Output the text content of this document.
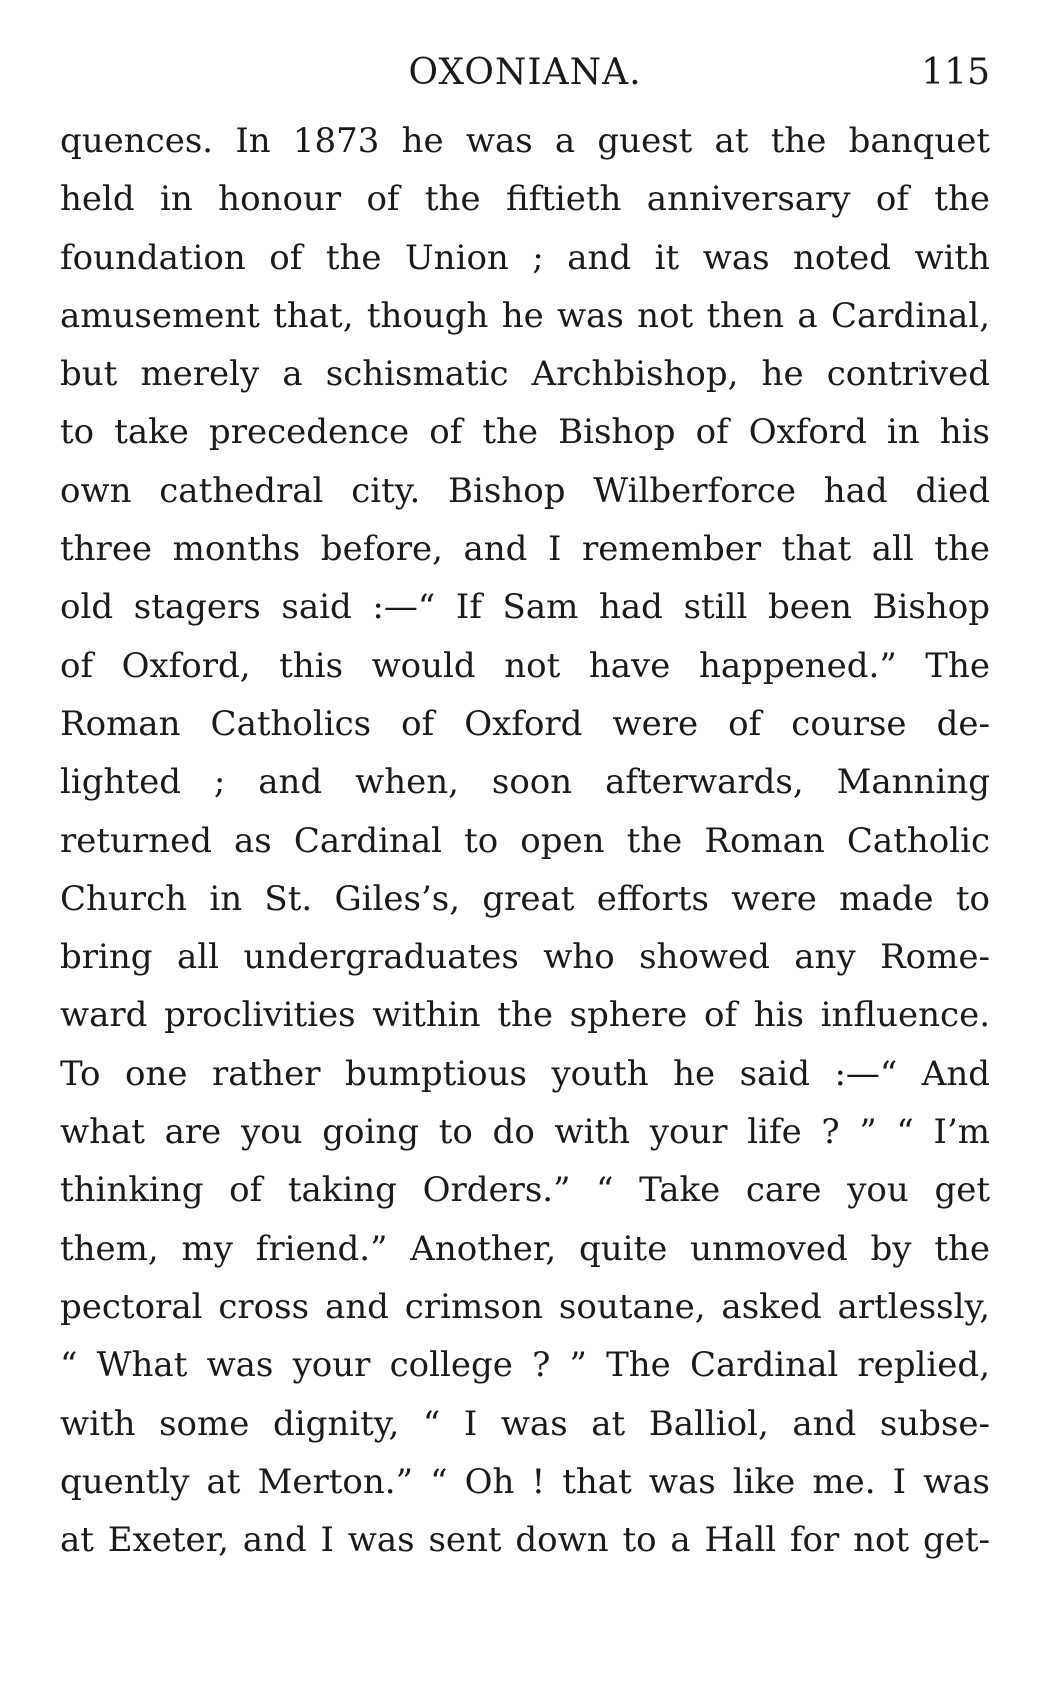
OXONIANA.	115
quences. In 1873 he was a guest at the banquet
held in honour of the fiftieth anniversary of the
foundation of the Union ; and it was noted with
amusement that, though he was not then a Cardinal,
but merely a schismatic Archbishop, he contrived
to take precedence of the Bishop of Oxford in his
own cathedral city. Bishop Wilberforce had died
three months before, and I remember that all the
old stagers said :—“ If Sam had still been Bishop
of Oxford, this would not have happened.” The
Roman Catholics of Oxford were of course de-
lighted ; and when, soon afterwards, Manning
returned as Cardinal to open the Roman Catholic
Church in St. Giles’s, great efforts were made to
bring all undergraduates who showed any Rome-
ward proclivities within the sphere of his influence.
To one rather bumptious youth he said :—“ And
what are you going to do with your life ? ” “ I’m
thinking of taking Orders.” “ Take care you get
them, my friend.” Another, quite unmoved by the
pectoral cross and crimson soutane, asked artlessly,
“ What was your college ? ” The Cardinal replied,
with some dignity, “ I was at Balliol, and subse-
quently at Merton.” “ Oh ! that was like me. I was
at Exeter, and I was sent down to a Hall for not get-
